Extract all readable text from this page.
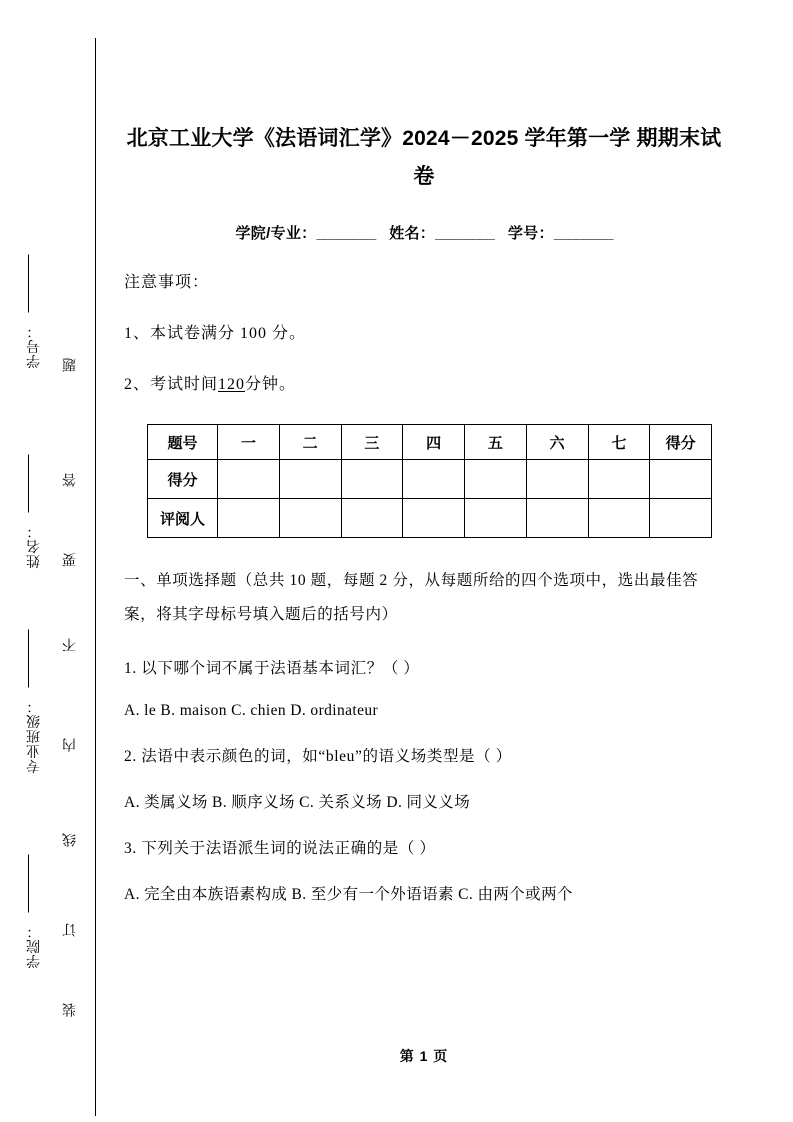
学号：
姓名：
专业班级：
学院：
题
答
要
不
内
线
订
装
北京工业大学《法语词汇学》2024－2025 学年第一学 期期末试卷

学院/专业：________ 姓名：________ 学号：________

注意事项：

1、本试卷满分 100 分。

2、考试时间120分钟。

题号	一	二	三	四	五	六	七	得分
得分								
评阅人								

一、单项选择题（总共 10 题，每题 2 分，从每题所给的四个选项中，选出最佳答案，将其字母标号填入题后的括号内）

1. 以下哪个词不属于法语基本词汇？（ ）

A. le B. maison C. chien D. ordinateur

2. 法语中表示颜色的词，如“bleu”的语义场类型是（ ）

A. 类属义场 B. 顺序义场 C. 关系义场 D. 同义义场

3. 下列关于法语派生词的说法正确的是（ ）

A. 完全由本族语素构成 B. 至少有一个外语语素 C. 由两个或两个

第 1 页
